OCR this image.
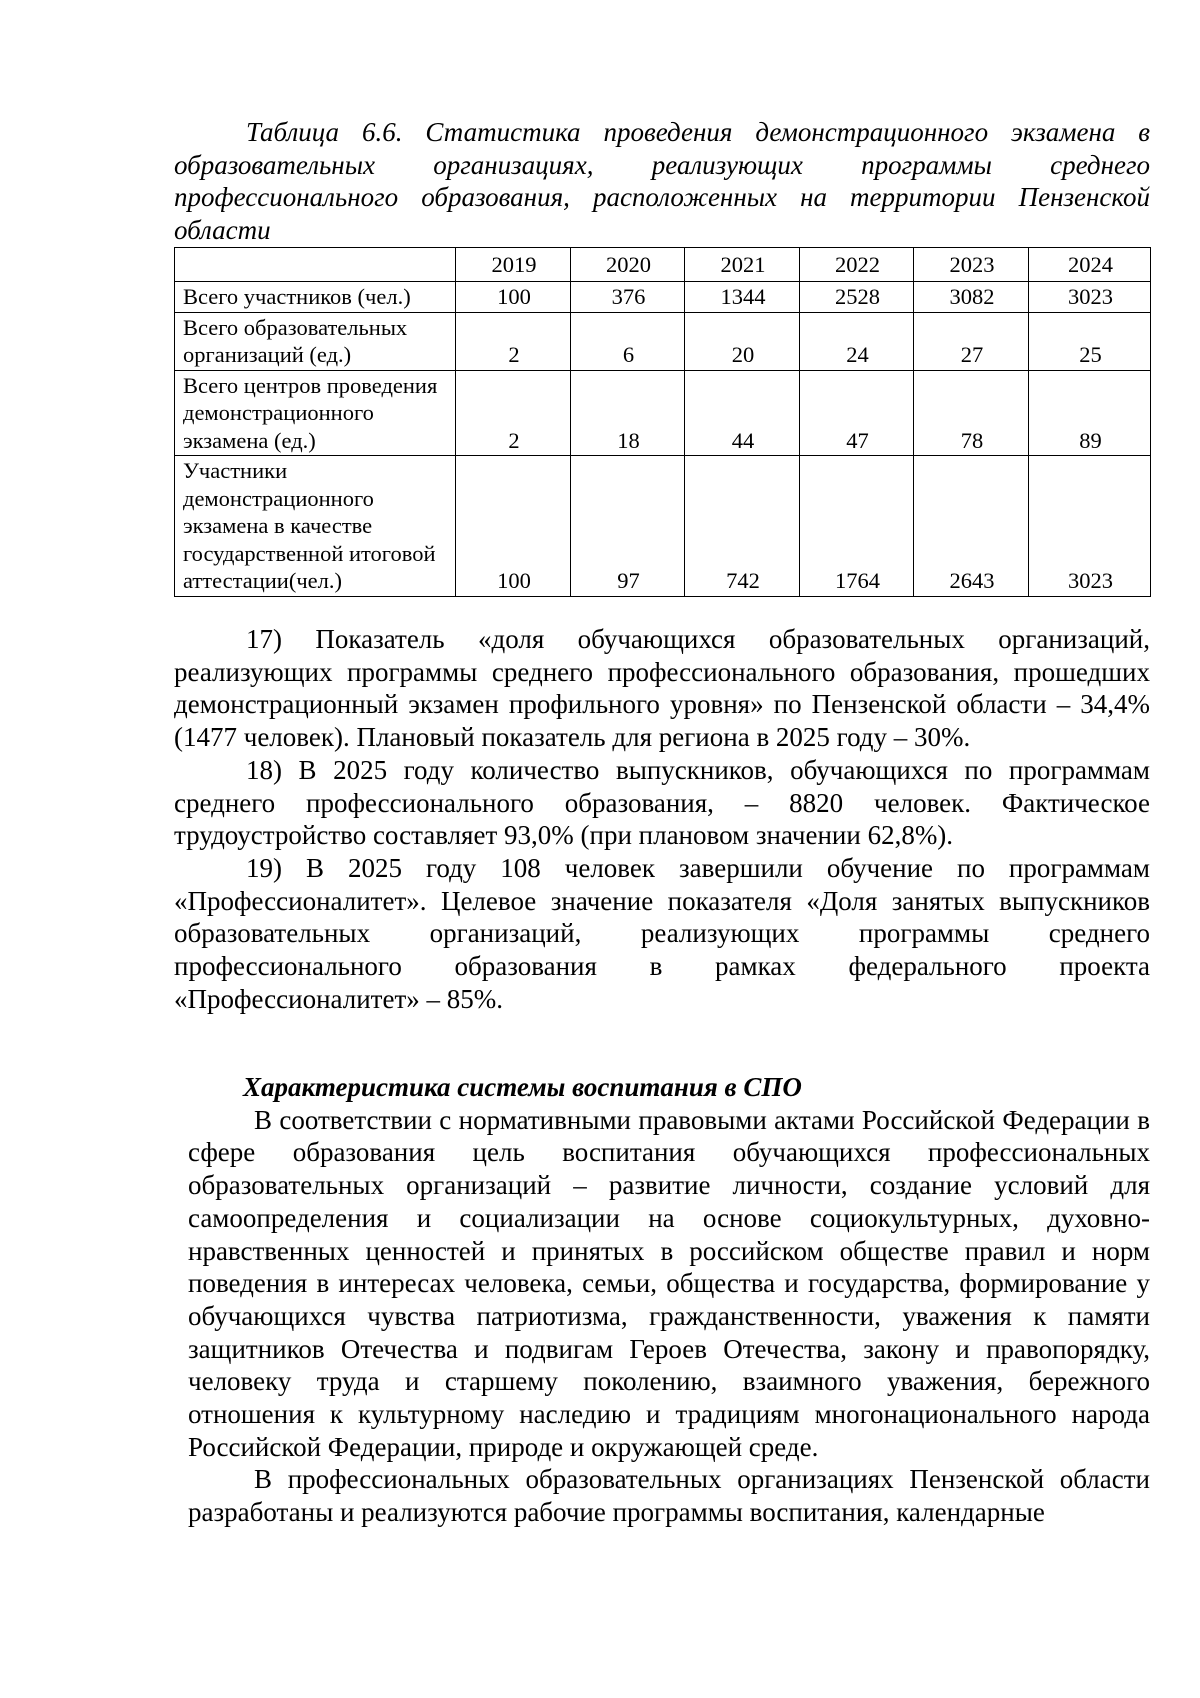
Таблица 6.6. Статистика проведения демонстрационного экзамена в образовательных организациях, реализующих программы среднего профессионального образования, расположенных на территории Пензенской области

	2019	2020	2021	2022	2023	2024
Всего участников (чел.)	100	376	1344	2528	3082	3023
Всего образовательных организаций (ед.)	2	6	20	24	27	25
Всего центров проведения демонстрационного экзамена (ед.)	2	18	44	47	78	89
Участники демонстрационного экзамена в качестве государственной итоговой аттестации(чел.)	100	97	742	1764	2643	3023

17) Показатель «доля обучающихся образовательных организаций, реализующих программы среднего профессионального образования, прошедших демонстрационный экзамен профильного уровня» по Пензенской области – 34,4% (1477 человек). Плановый показатель для региона в 2025 году – 30%.

18) В 2025 году количество выпускников, обучающихся по программам среднего профессионального образования, – 8820 человек. Фактическое трудоустройство составляет 93,0% (при плановом значении 62,8%).

19) В 2025 году 108 человек завершили обучение по программам «Профессионалитет». Целевое значение показателя «Доля занятых выпускников образовательных организаций, реализующих программы среднего профессионального образования в рамках федерального проекта «Профессионалитет» – 85%.

Характеристика системы воспитания в СПО

В соответствии с нормативными правовыми актами Российской Федерации в сфере образования цель воспитания обучающихся профессиональных образовательных организаций – развитие личности, создание условий для самоопределения и социализации на основе социокультурных, духовно-нравственных ценностей и принятых в российском обществе правил и норм поведения в интересах человека, семьи, общества и государства, формирование у обучающихся чувства патриотизма, гражданственности, уважения к памяти защитников Отечества и подвигам Героев Отечества, закону и правопорядку, человеку труда и старшему поколению, взаимного уважения, бережного отношения к культурному наследию и традициям многонационального народа Российской Федерации, природе и окружающей среде.

В профессиональных образовательных организациях Пензенской области разработаны и реализуются рабочие программы воспитания, календарные
